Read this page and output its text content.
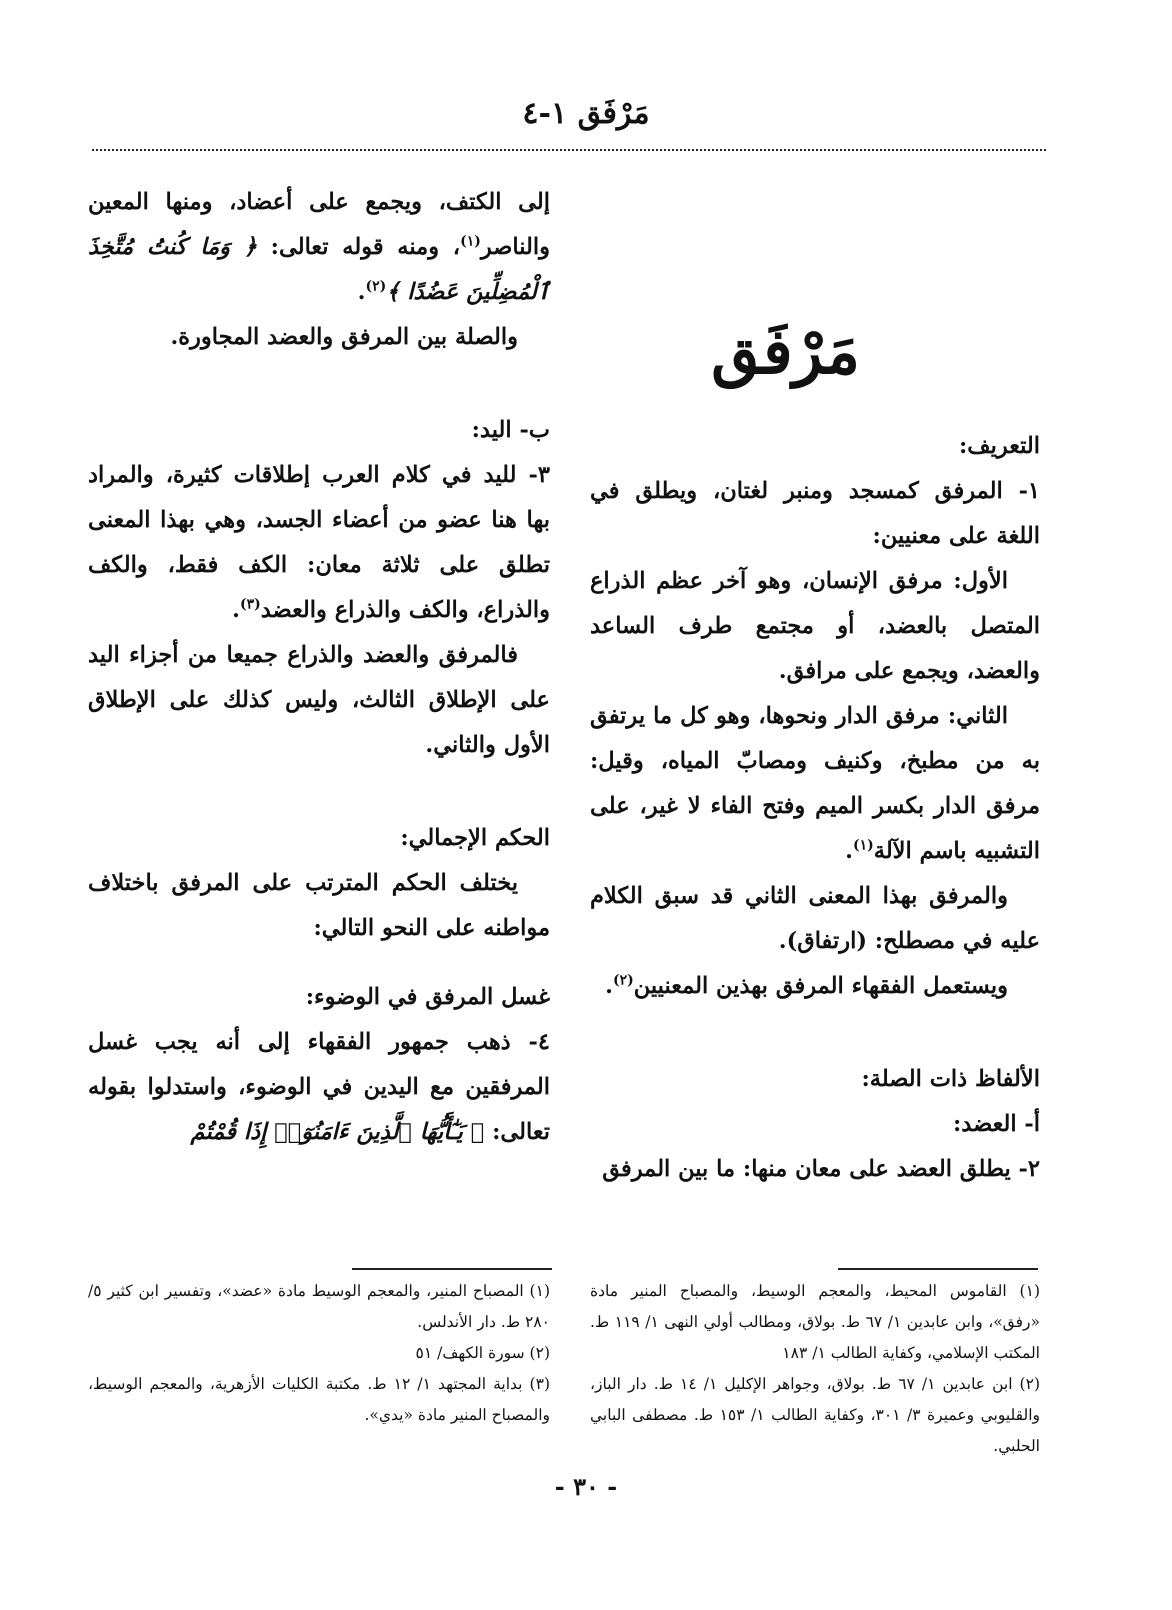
مَرْفَق ١-٤
مَرْفَق

التعريف:

١- المرفق كمسجد ومنبر لغتان، ويطلق في اللغة على معنيين:

الأول: مرفق الإنسان، وهو آخر عظم الذراع المتصل بالعضد، أو مجتمع طرف الساعد والعضد، ويجمع على مرافق.

الثاني: مرفق الدار ونحوها، وهو كل ما يرتفق به من مطبخ، وكنيف ومصابّ المياه، وقيل: مرفق الدار بكسر الميم وفتح الفاء لا غير، على التشبيه باسم الآلة$^{(١)}$.

والمرفق بهذا المعنى الثاني قد سبق الكلام عليه في مصطلح: (ارتفاق).

ويستعمل الفقهاء المرفق بهذين المعنيين$^{(٢)}$.

الألفاظ ذات الصلة:

أ- العضد:

٢- يطلق العضد على معان منها: ما بين المرفق

إلى الكتف، ويجمع على أعضاد، ومنها المعين والناصر$^{(١)}$، ومنه قوله تعالى: ﴿ وَمَا كُنتُ مُتَّخِذَ ٱلْمُضِلِّينَ عَضُدًا ﴾$^{(٢)}$.

والصلة بين المرفق والعضد المجاورة.

ب- اليد:

٣- لليد في كلام العرب إطلاقات كثيرة، والمراد بها هنا عضو من أعضاء الجسد، وهي بهذا المعنى تطلق على ثلاثة معان: الكف فقط، والكف والذراع، والكف والذراع والعضد$^{(٣)}$.

فالمرفق والعضد والذراع جميعا من أجزاء اليد على الإطلاق الثالث، وليس كذلك على الإطلاق الأول والثاني.

الحكم الإجمالي:

يختلف الحكم المترتب على المرفق باختلاف مواطنه على النحو التالي:

غسل المرفق في الوضوء:

٤- ذهب جمهور الفقهاء إلى أنه يجب غسل المرفقين مع اليدين في الوضوء، واستدلوا بقوله تعالى: ﴿ يَـٰٓأَيُّهَا ٱلَّذِينَ ءَامَنُوٓا۟ إِذَا قُمْتُمْ

(١) القاموس المحيط، والمعجم الوسيط، والمصباح المنير مادة «رفق»، وابن عابدين ١/ ٦٧ ط. بولاق، ومطالب أولي النهى ١/ ١١٩ ط. المكتب الإسلامي، وكفاية الطالب ١/ ١٨٣

(٢) ابن عابدين ١/ ٦٧ ط. بولاق، وجواهر الإكليل ١/ ١٤ ط. دار الباز، والقليوبي وعميرة ٣/ ٣٠١، وكفاية الطالب ١/ ١٥٣ ط. مصطفى البابي الحلبي.

(١) المصباح المنير، والمعجم الوسيط مادة «عضد»، وتفسير ابن كثير ٥/ ٢٨٠ ط. دار الأندلس.

(٢) سورة الكهف/ ٥١

(٣) بداية المجتهد ١/ ١٢ ط. مكتبة الكليات الأزهرية، والمعجم الوسيط، والمصباح المنير مادة «يدي».

- ٣٠ -
